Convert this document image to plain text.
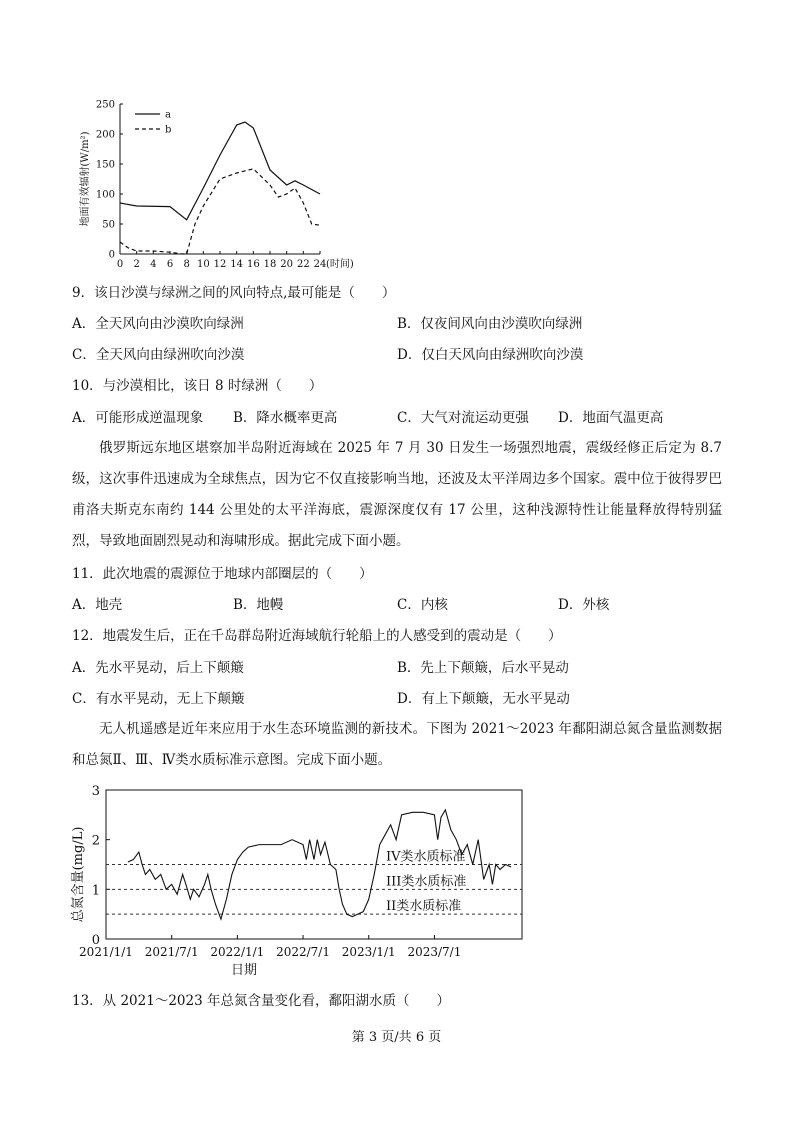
0
50
100
150
200
250
0 2 4 6 8 10 12 14 16 18 20 22 24 (时间)
地面有效辐射(W/m²)
a
b
9．该日沙漠与绿洲之间的风向特点,最可能是（　　）
A．全天风向由沙漠吹向绿洲	B．仅夜间风向由沙漠吹向绿洲
C．全天风向由绿洲吹向沙漠	D．仅白天风向由绿洲吹向沙漠
10．与沙漠相比，该日 8 时绿洲（　　）
A．可能形成逆温现象 B．降水概率更高	C．大气对流运动更强 D．地面气温更高
俄罗斯远东地区堪察加半岛附近海域在 2025 年 7 月 30 日发生一场强烈地震，震级经修正后定为 8.7 级，这次事件迅速成为全球焦点，因为它不仅直接影响当地，还波及太平洋周边多个国家。震中位于彼得罗巴甫洛夫斯克东南约 144 公里处的太平洋海底，震源深度仅有 17 公里，这种浅源特性让能量释放得特别猛烈，导致地面剧烈晃动和海啸形成。据此完成下面小题。
11．此次地震的震源位于地球内部圈层的（　　）
A．地壳	B．地幔	C．内核	D．外核
12．地震发生后，正在千岛群岛附近海域航行轮船上的人感受到的震动是（　　）
A．先水平晃动，后上下颠簸	B．先上下颠簸，后水平晃动
C．有水平晃动，无上下颠簸	D．有上下颠簸，无水平晃动
无人机遥感是近年来应用于水生态环境监测的新技术。下图为 2021～2023 年鄱阳湖总氮含量监测数据和总氮Ⅱ、Ⅲ、Ⅳ类水质标准示意图。完成下面小题。
0
1
2
3
2021/1/1 2021/7/1 2022/1/1 2022/7/1 2023/1/1 2023/7/1
日期
总氮含量(mg/L)	IV类水质标准
III类水质标准
II类水质标准
13．从 2021～2023 年总氮含量变化看，鄱阳湖水质（　　）
第 3 页/共 6 页
